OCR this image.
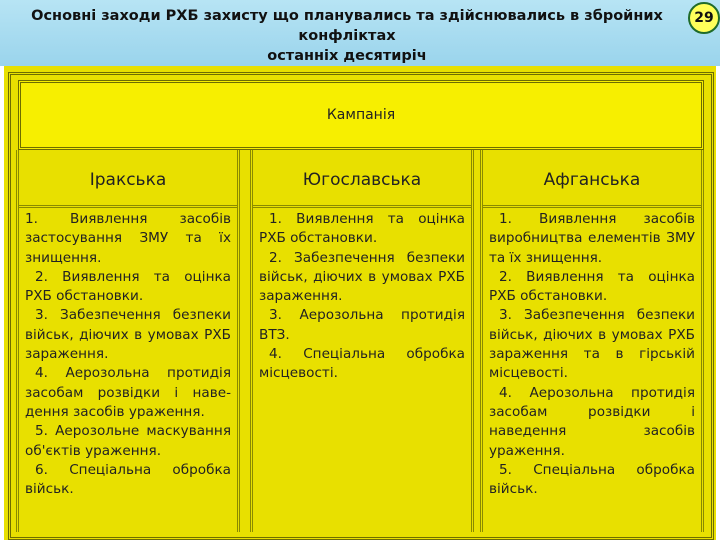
Основні заходи РХБ захисту що планувались та здійснювались в збройних конфліктах
останніх десятиріч
29
Кампанія
Іракська

1. Виявлення засобів застосування ЗМУ та їх знищення.

2. Виявлення та оцінка РХБ обстановки.

3. Забезпечення безпеки військ, діючих в умовах РХБ зараження.

4. Аерозольна протидія засобам розвідки і наве-дення засобів ураження.

5. Аерозольне маскування об'єктів ураження.

6. Спеціальна обробка військ.

Югославська

1. Виявлення та оцінка РХБ обстановки.

2. Забезпечення безпеки військ, діючих в умовах РХБ зараження.

3. Аерозольна протидія ВТЗ.

4. Спеціальна обробка місцевості.

Афганська

1. Виявлення засобів виробництва елементів ЗМУ та їх знищення.

2. Виявлення та оцінка РХБ обстановки.

3. Забезпечення безпеки військ, діючих в умовах РХБ зараження та в гірській місцевості.

4. Аерозольна протидія засобам розвідки і наведення засобів ураження.

5. Спеціальна обробка військ.
